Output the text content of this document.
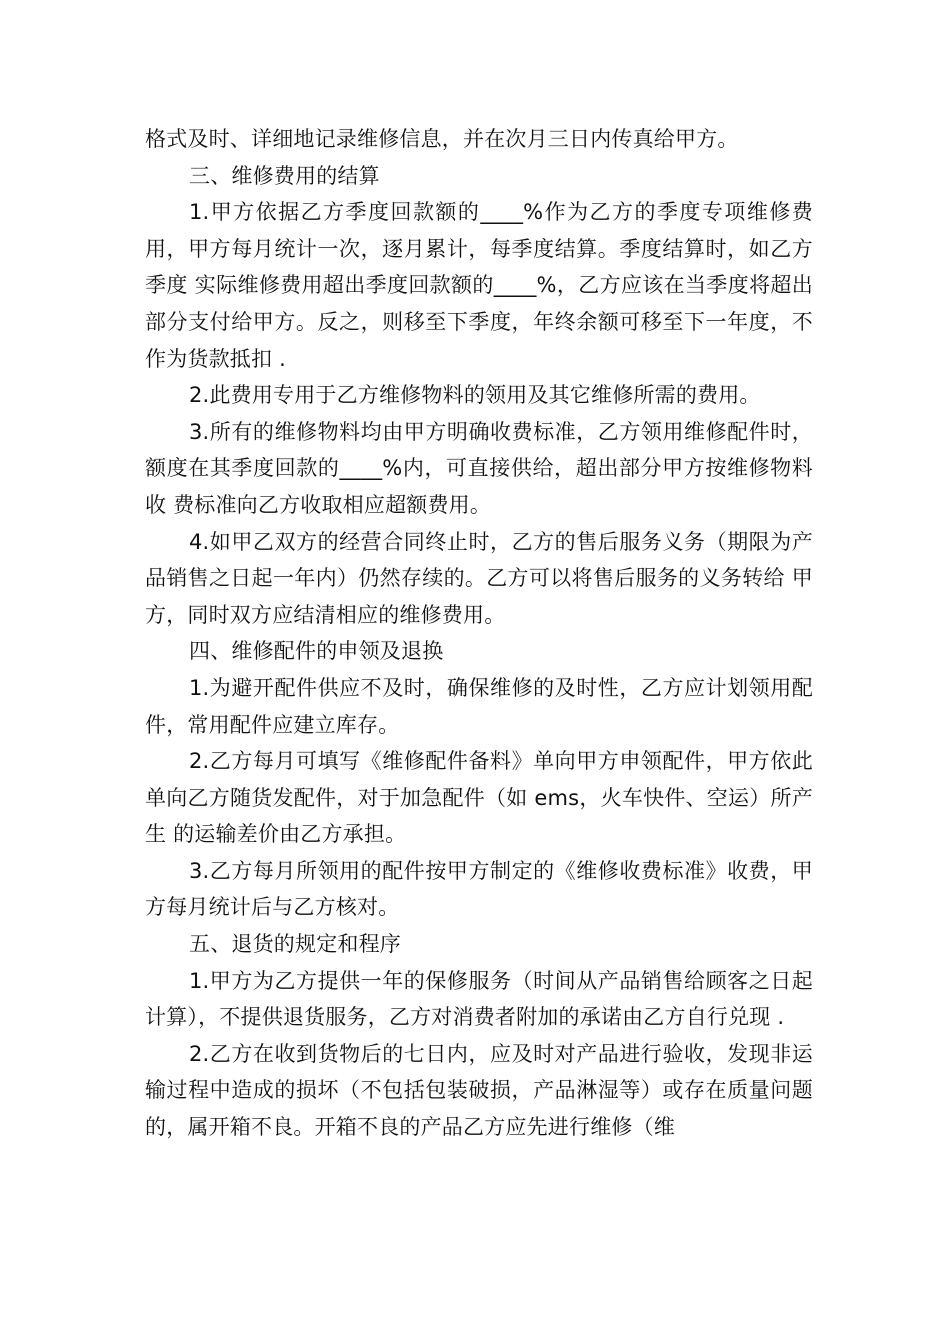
格式及时、详细地记录维修信息，并在次月三日内传真给甲方。

三、维修费用的结算

1.甲方依据乙方季度回款额的____%作为乙方的季度专项维修费用，甲方每月统计一次，逐月累计，每季度结算。季度结算时，如乙方季度 实际维修费用超出季度回款额的____%，乙方应该在当季度将超出部分支付给甲方。反之，则移至下季度，年终余额可移至下一年度，不作为货款抵扣 .

2.此费用专用于乙方维修物料的领用及其它维修所需的费用。

3.所有的维修物料均由甲方明确收费标准，乙方领用维修配件时，额度在其季度回款的____%内，可直接供给，超出部分甲方按维修物料收 费标准向乙方收取相应超额费用。

4.如甲乙双方的经营合同终止时，乙方的售后服务义务（期限为产品销售之日起一年内）仍然存续的。乙方可以将售后服务的义务转给 甲方，同时双方应结清相应的维修费用。

四、维修配件的申领及退换

1.为避开配件供应不及时，确保维修的及时性，乙方应计划领用配件，常用配件应建立库存。

2.乙方每月可填写《维修配件备料》单向甲方申领配件，甲方依此单向乙方随货发配件，对于加急配件（如 ems，火车快件、空运）所产生 的运输差价由乙方承担。

3.乙方每月所领用的配件按甲方制定的《维修收费标准》收费，甲方每月统计后与乙方核对。

五、退货的规定和程序

1.甲方为乙方提供一年的保修服务（时间从产品销售给顾客之日起计算），不提供退货服务，乙方对消费者附加的承诺由乙方自行兑现 .

2.乙方在收到货物后的七日内，应及时对产品进行验收，发现非运输过程中造成的损坏（不包括包装破损，产品淋湿等）或存在质量问题的，属开箱不良。开箱不良的产品乙方应先进行维修（维
